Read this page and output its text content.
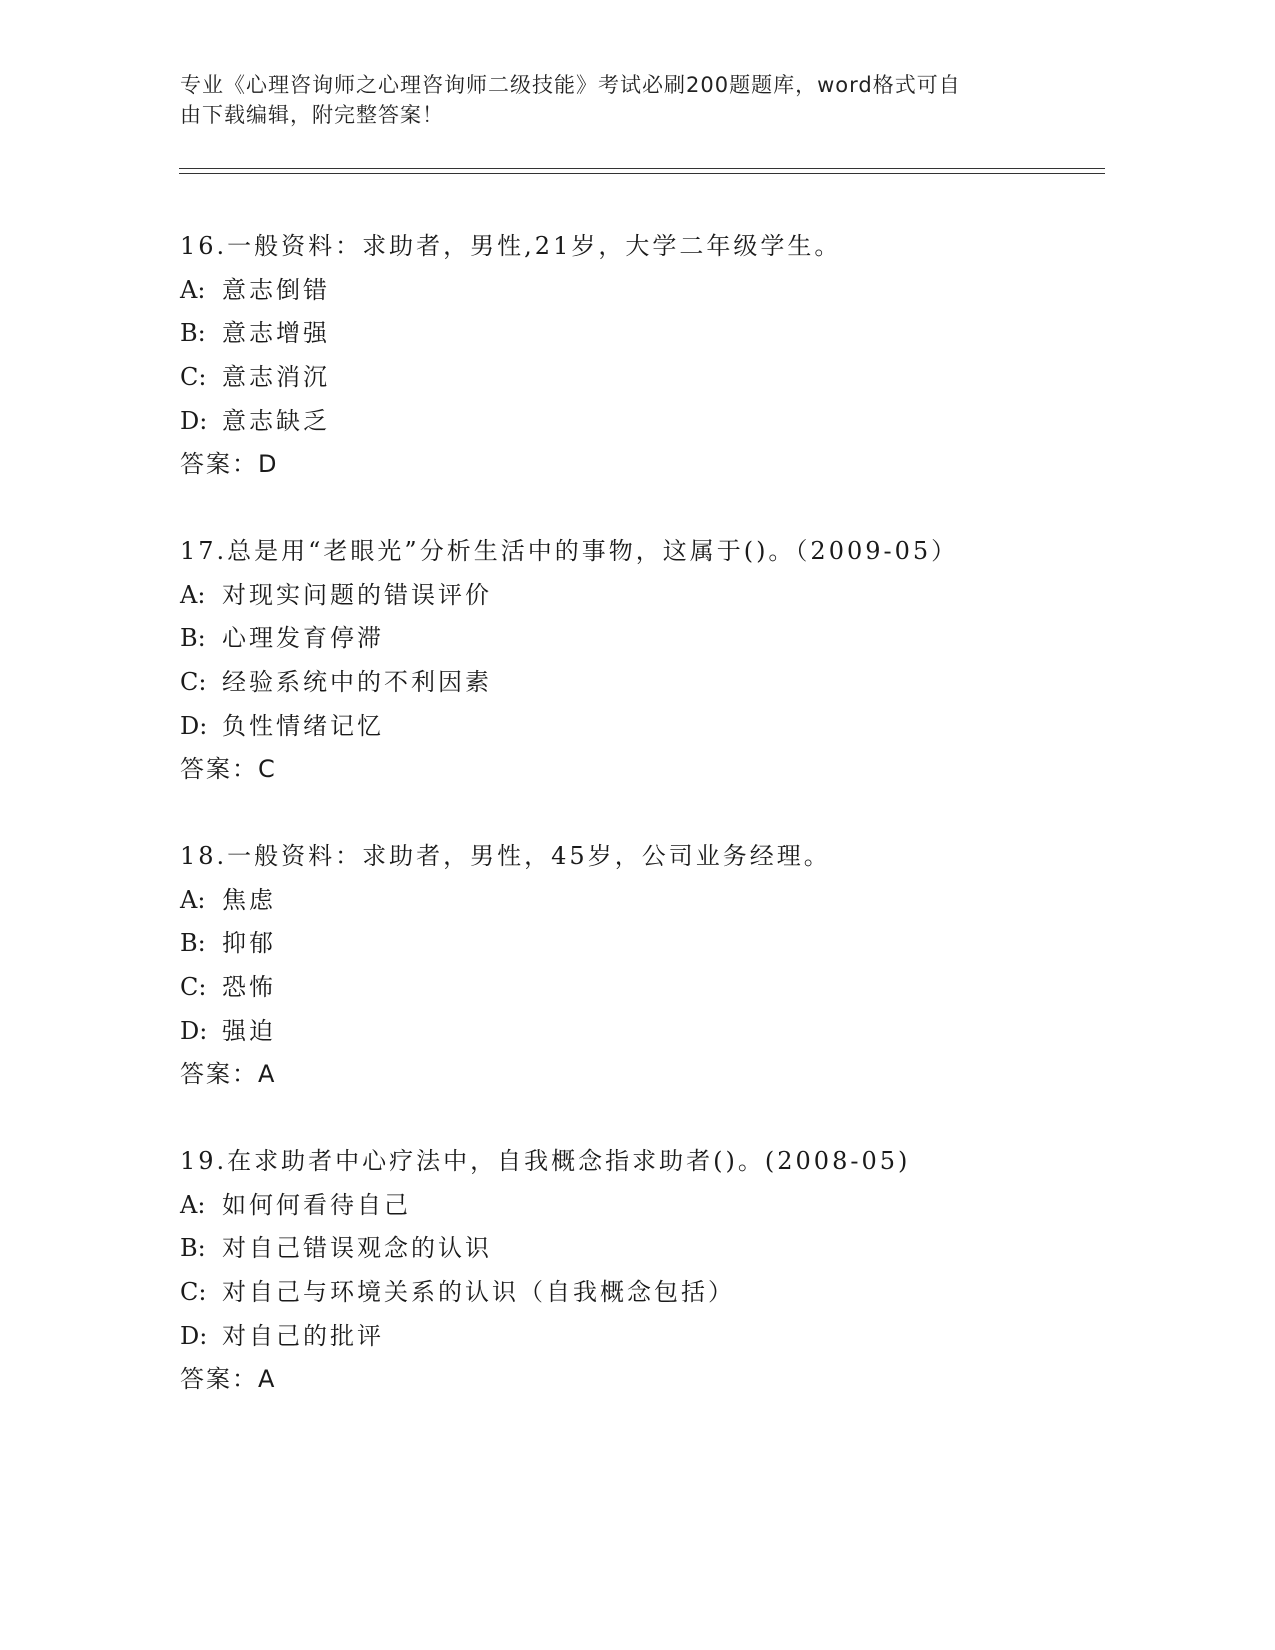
专业《心理咨询师之心理咨询师二级技能》考试必刷200题题库，word格式可自
由下载编辑，附完整答案！
16.一般资料：求助者，男性,21岁，大学二年级学生。
A: 意志倒错
B: 意志增强
C: 意志消沉
D: 意志缺乏
答案：D
17.总是用“老眼光”分析生活中的事物，这属于()。（2009-05）
A: 对现实问题的错误评价
B: 心理发育停滞
C: 经验系统中的不利因素
D: 负性情绪记忆
答案：C
18.一般资料：求助者，男性，45岁，公司业务经理。
A: 焦虑
B: 抑郁
C: 恐怖
D: 强迫
答案：A
19.在求助者中心疗法中，自我概念指求助者()。(2008-05)
A: 如何何看待自己
B: 对自己错误观念的认识
C: 对自己与环境关系的认识（自我概念包括）
D: 对自己的批评
答案：A
